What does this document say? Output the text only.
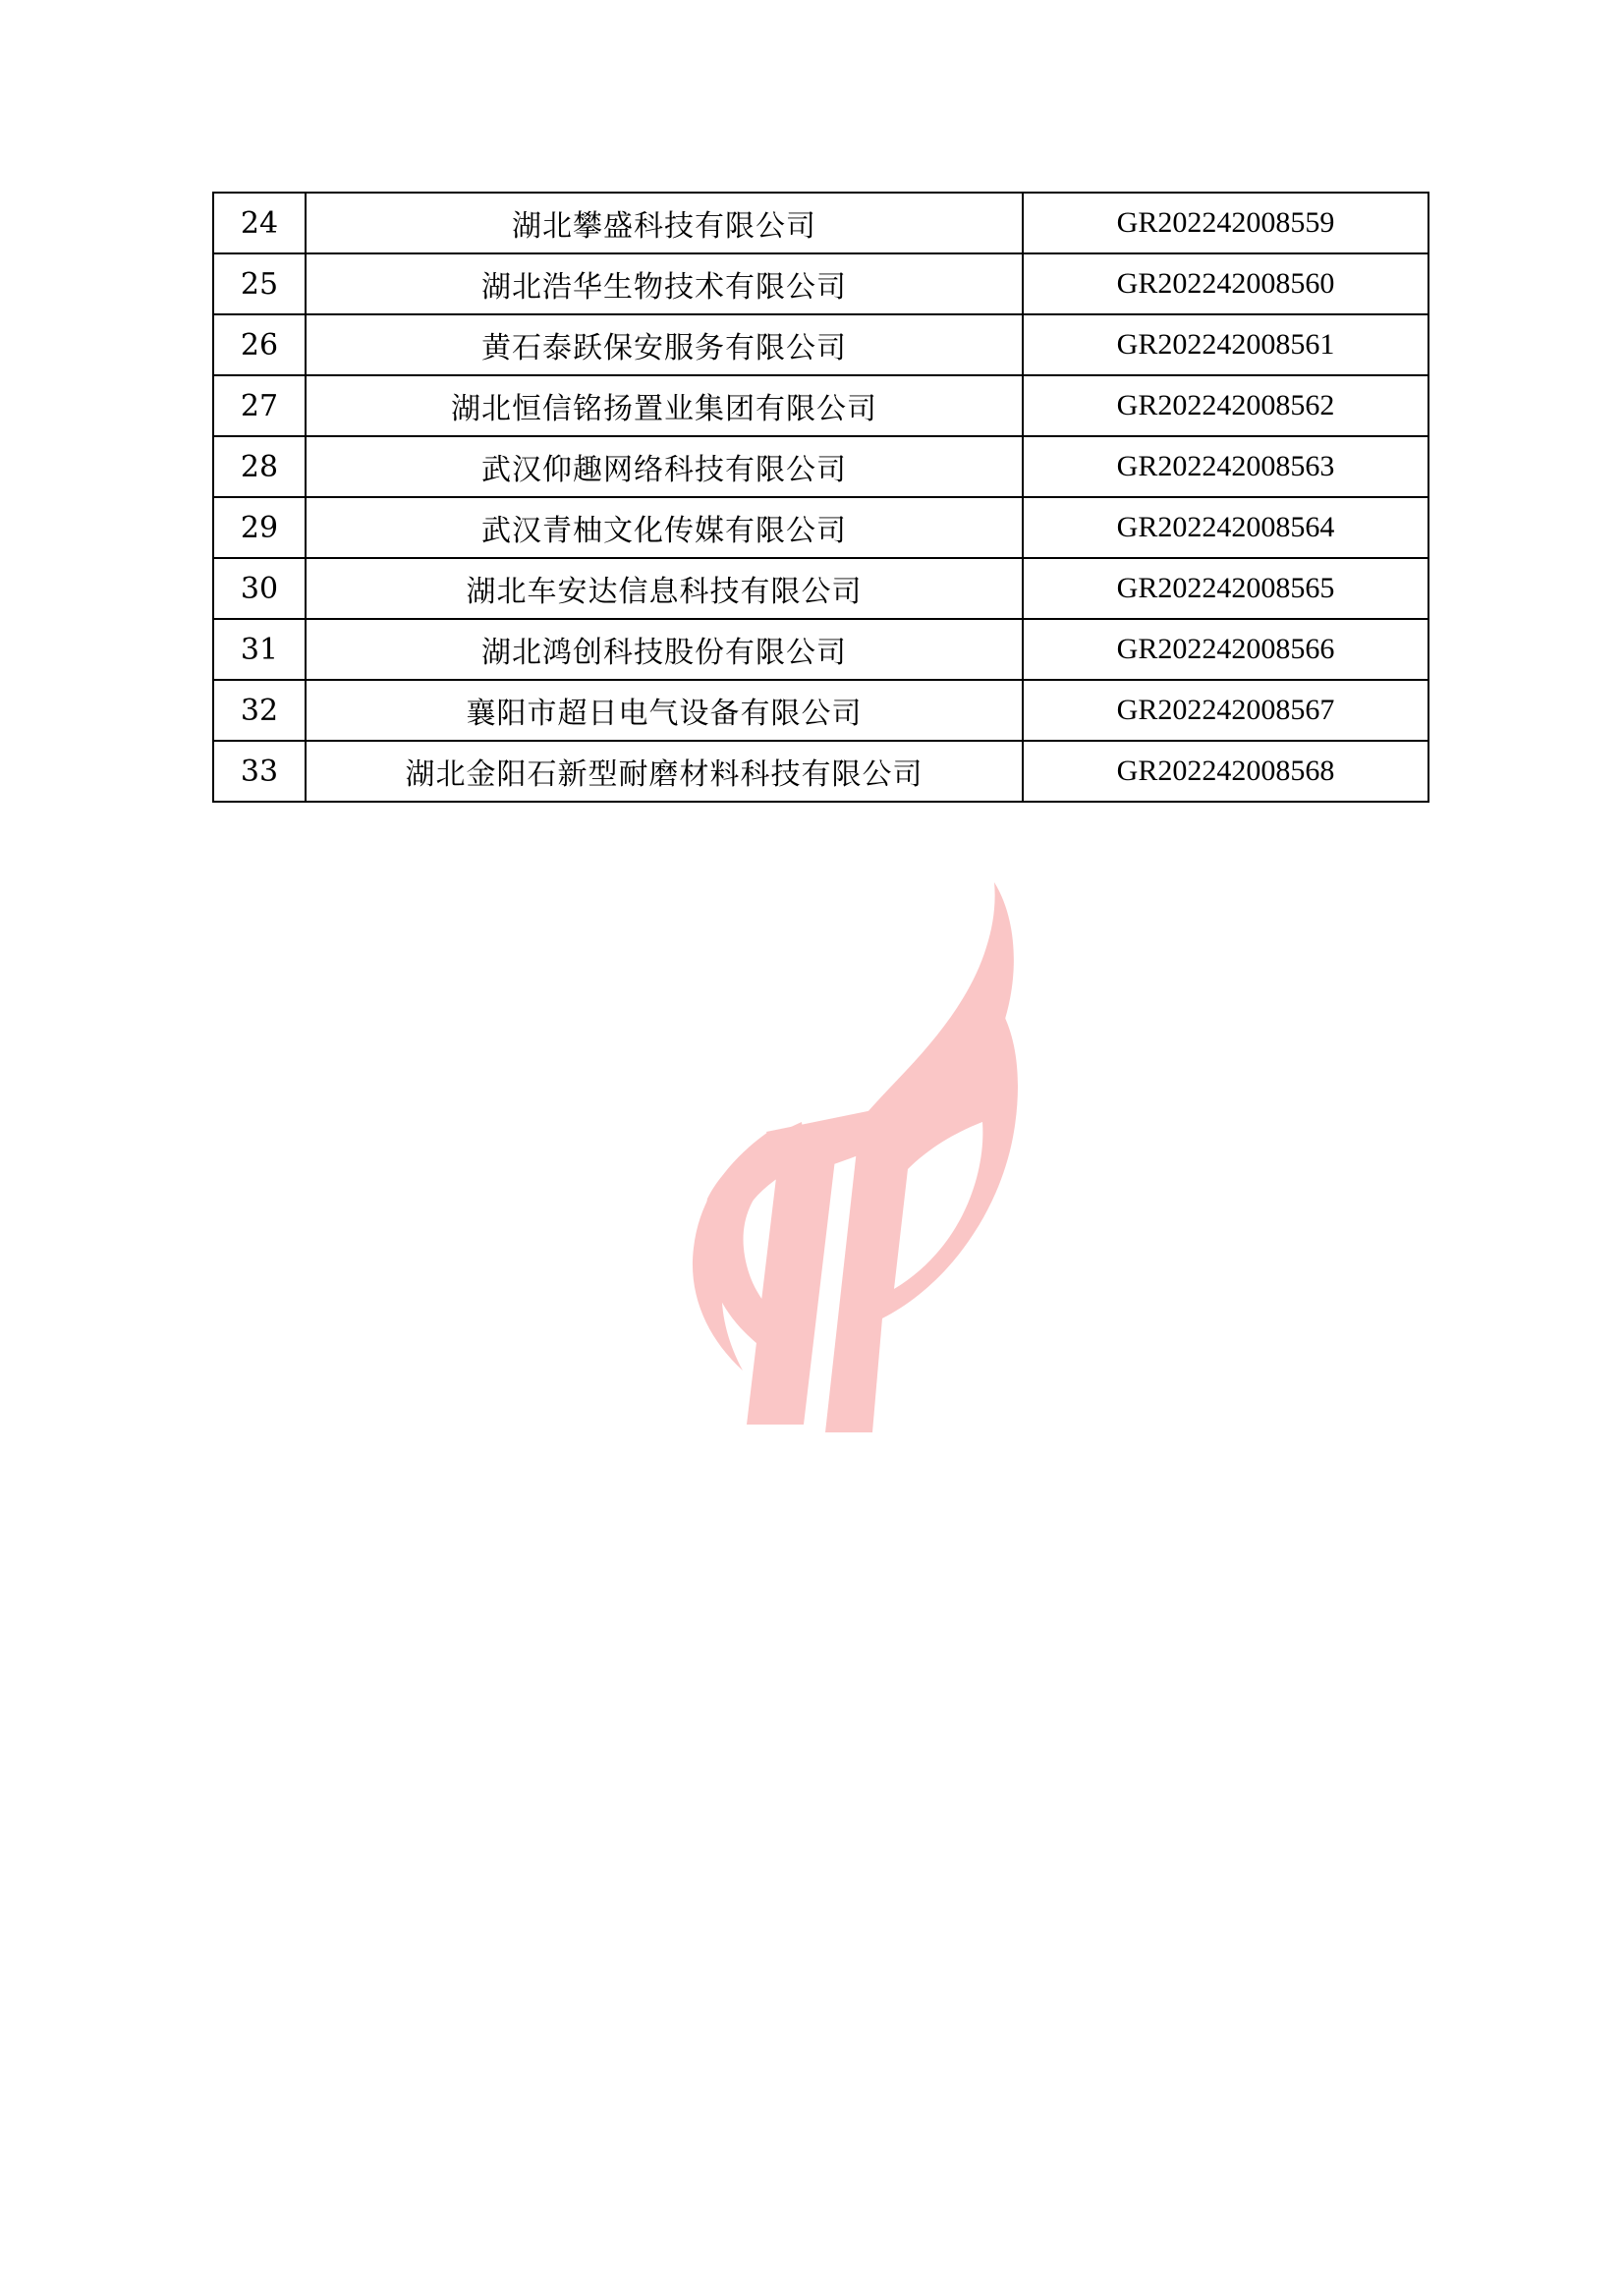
24	湖北攀盛科技有限公司	GR202242008559
25	湖北浩华生物技术有限公司	GR202242008560
26	黄石泰跃保安服务有限公司	GR202242008561
27	湖北恒信铭扬置业集团有限公司	GR202242008562
28	武汉仰趣网络科技有限公司	GR202242008563
29	武汉青柚文化传媒有限公司	GR202242008564
30	湖北车安达信息科技有限公司	GR202242008565
31	湖北鸿创科技股份有限公司	GR202242008566
32	襄阳市超日电气设备有限公司	GR202242008567
33	湖北金阳石新型耐磨材料科技有限公司	GR202242008568
